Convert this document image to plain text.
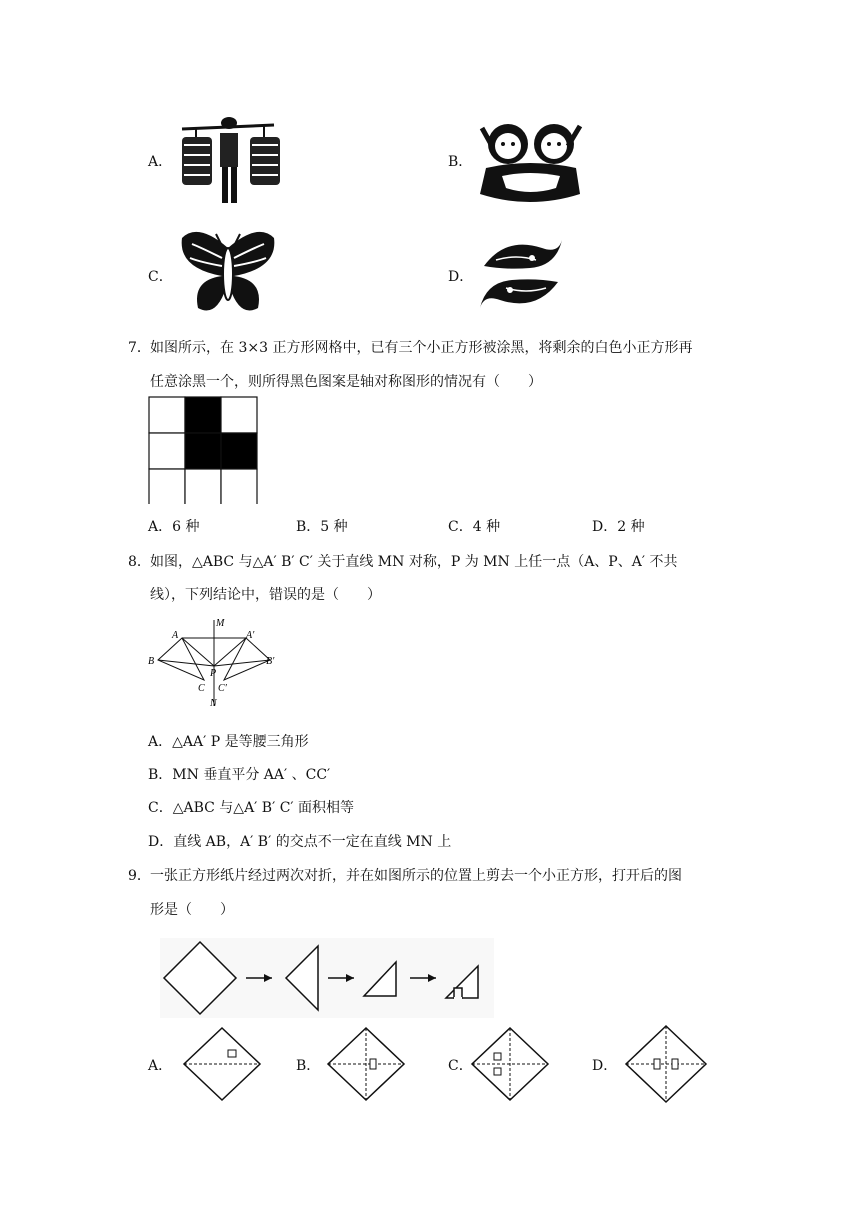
A．	B．
C．	D．
7． 如图所示，在 3×3 正方形网格中，已有三个小正方形被涂黑，将剩余的白色小正方形再
任意涂黑一个，则所得黑色图案是轴对称图形的情况有（　　）
A．6 种	B．5 种	C．4 种	D．2 种
8． 如图，△ABC 与△A′ B′ C′ 关于直线 MN 对称，P 为 MN 上任一点（A、P、A′ 不共
线），下列结论中，错误的是（　　）
M
A	A′
B	B′
P
C C′
N
A．△AA′ P 是等腰三角形
B．MN 垂直平分 AA′ 、CC′
C．△ABC 与△A′ B′ C′ 面积相等
D．直线 AB，A′ B′ 的交点不一定在直线 MN 上
9． 一张正方形纸片经过两次对折，并在如图所示的位置上剪去一个小正方形，打开后的图
形是（　　）
A．	B．	C．	D．
